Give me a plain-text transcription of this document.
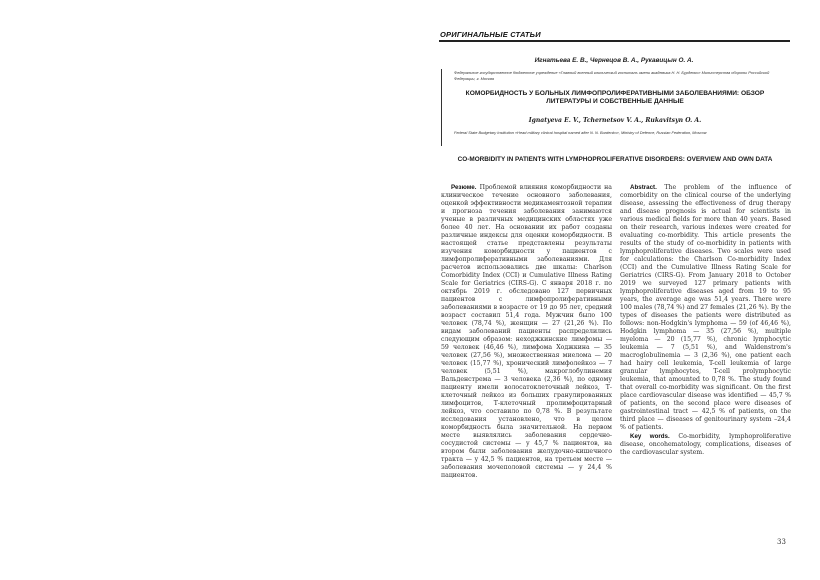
ОРИГИНАЛЬНЫЕ СТАТЬИ
Игнатьева Е. В., Чернецов В. А., Рукавицын О. А.
Федеральное государственное бюджетное учреждение «Главный военный клинический госпиталь имени академика Н. Н. Бурденко» Министерства обороны Российской Федерации, г. Москва
КОМОРБИДНОСТЬ У БОЛЬНЫХ ЛИМФОПРОЛИФЕРАТИВНЫМИ ЗАБОЛЕВАНИЯМИ: ОБЗОР ЛИТЕРАТУРЫ И СОБСТВЕННЫЕ ДАННЫЕ
Ignatyeva E. V., Tchernetsov V. A., Rukavitsyn O. A.
Federal State Budgetary Institution «Head military clinical hospital named after N. N. Burdenko», Ministry of Defence, Russian Federation, Moscow
CO-MORBIDITY IN PATIENTS WITH LYMPHOPROLIFERATIVE DISORDERS: OVERVIEW AND OWN DATA

Резюме. Проблемой влияния коморбидности на клиническое течение основного заболевания, оценкой эффективности медикаментозной терапии и прогноза течения заболевания занимаются ученые в различных медицинских областях уже более 40 лет. На основании их работ созданы различные индексы для оценки коморбидности. В настоящей статье представлены результаты изучения коморбидности у пациентов с лимфопролиферативными заболеваниями. Для расчетов использовались две шкалы: Charlson Comorbidity Index (CCI) и Cumulative Illness Rating Scale for Geriatrics (CIRS-G). С января 2018 г. по октябрь 2019 г. обследовано 127 первичных пациентов с лимфопролиферативными заболеваниями в возрасте от 19 до 95 лет, средний возраст составил 51,4 года. Мужчин было 100 человек (78,74 %), женщин — 27 (21,26 %). По видам заболеваний пациенты распределились следующим образом: неходжкинские лимфомы — 59 человек (46,46 %), лимфома Ходжкина — 35 человек (27,56 %), множественная миелома — 20 человек (15,77 %), хронический лимфолейкоз — 7 человек (5,51 %), макроглобулинемия Вальденстрема — 3 человека (2,36 %), по одному пациенту имели волосатоклеточный лейкоз, Т-клеточный лейкоз из больших гранулированных лимфоцитов, Т-клеточный пролимфоцитарный лейкоз, что составило по 0,78 %. В результате исследования установлено, что в целом коморбидность была значительной. На первом месте выявлялись заболевания сердечно-сосудистой системы — у 45,7 % пациентов, на втором были заболевания желудочно-кишечного тракта — у 42,5 % пациентов, на третьем месте — заболевания мочеполовой системы — у 24,4 % пациентов.

Abstract. The problem of the influence of comorbidity on the clinical course of the underlying disease, assessing the effectiveness of drug therapy and disease prognosis is actual for scientists in various medical fields for more than 40 years. Based on their research, various indexes were created for evaluating co-morbidity. This article presents the results of the study of co-morbidity in patients with lymphoproliferative diseases. Two scales were used for calculations: the Charlson Co-morbidity Index (CCI) and the Cumulative Illness Rating Scale for Geriatrics (CIRS-G). From January 2018 to October 2019 we surveyed 127 primary patients with lymphoproliferative diseases aged from 19 to 95 years, the average age was 51,4 years. There were 100 males (78,74 %) and 27 females (21,26 %). By the types of diseases the patients were distributed as follows: non-Hodgkin's lymphoma — 59 (of 46,46 %), Hodgkin lymphoma — 35 (27,56 %), multiple myeloma — 20 (15,77 %), chronic lymphocytic leukemia — 7 (5,51 %), and Waldenstrom's macroglobulinemia — 3 (2,36 %), one patient each had hairy cell leukemia, T-cell leukemia of large granular lymphocytes, T-cell prolymphocytic leukemia, that amounted to 0,78 %. The study found that overall co-morbidity was significant. On the first place cardiovascular disease was identified — 45,7 % of patients, on the second place were diseases of gastrointestinal tract — 42,5 % of patients, on the third place — diseases of genitourinary system –24,4 % of patients.

Key words. Co-morbidity, lymphoproliferative disease, oncohematology, complications, diseases of the cardiovascular system.

33
